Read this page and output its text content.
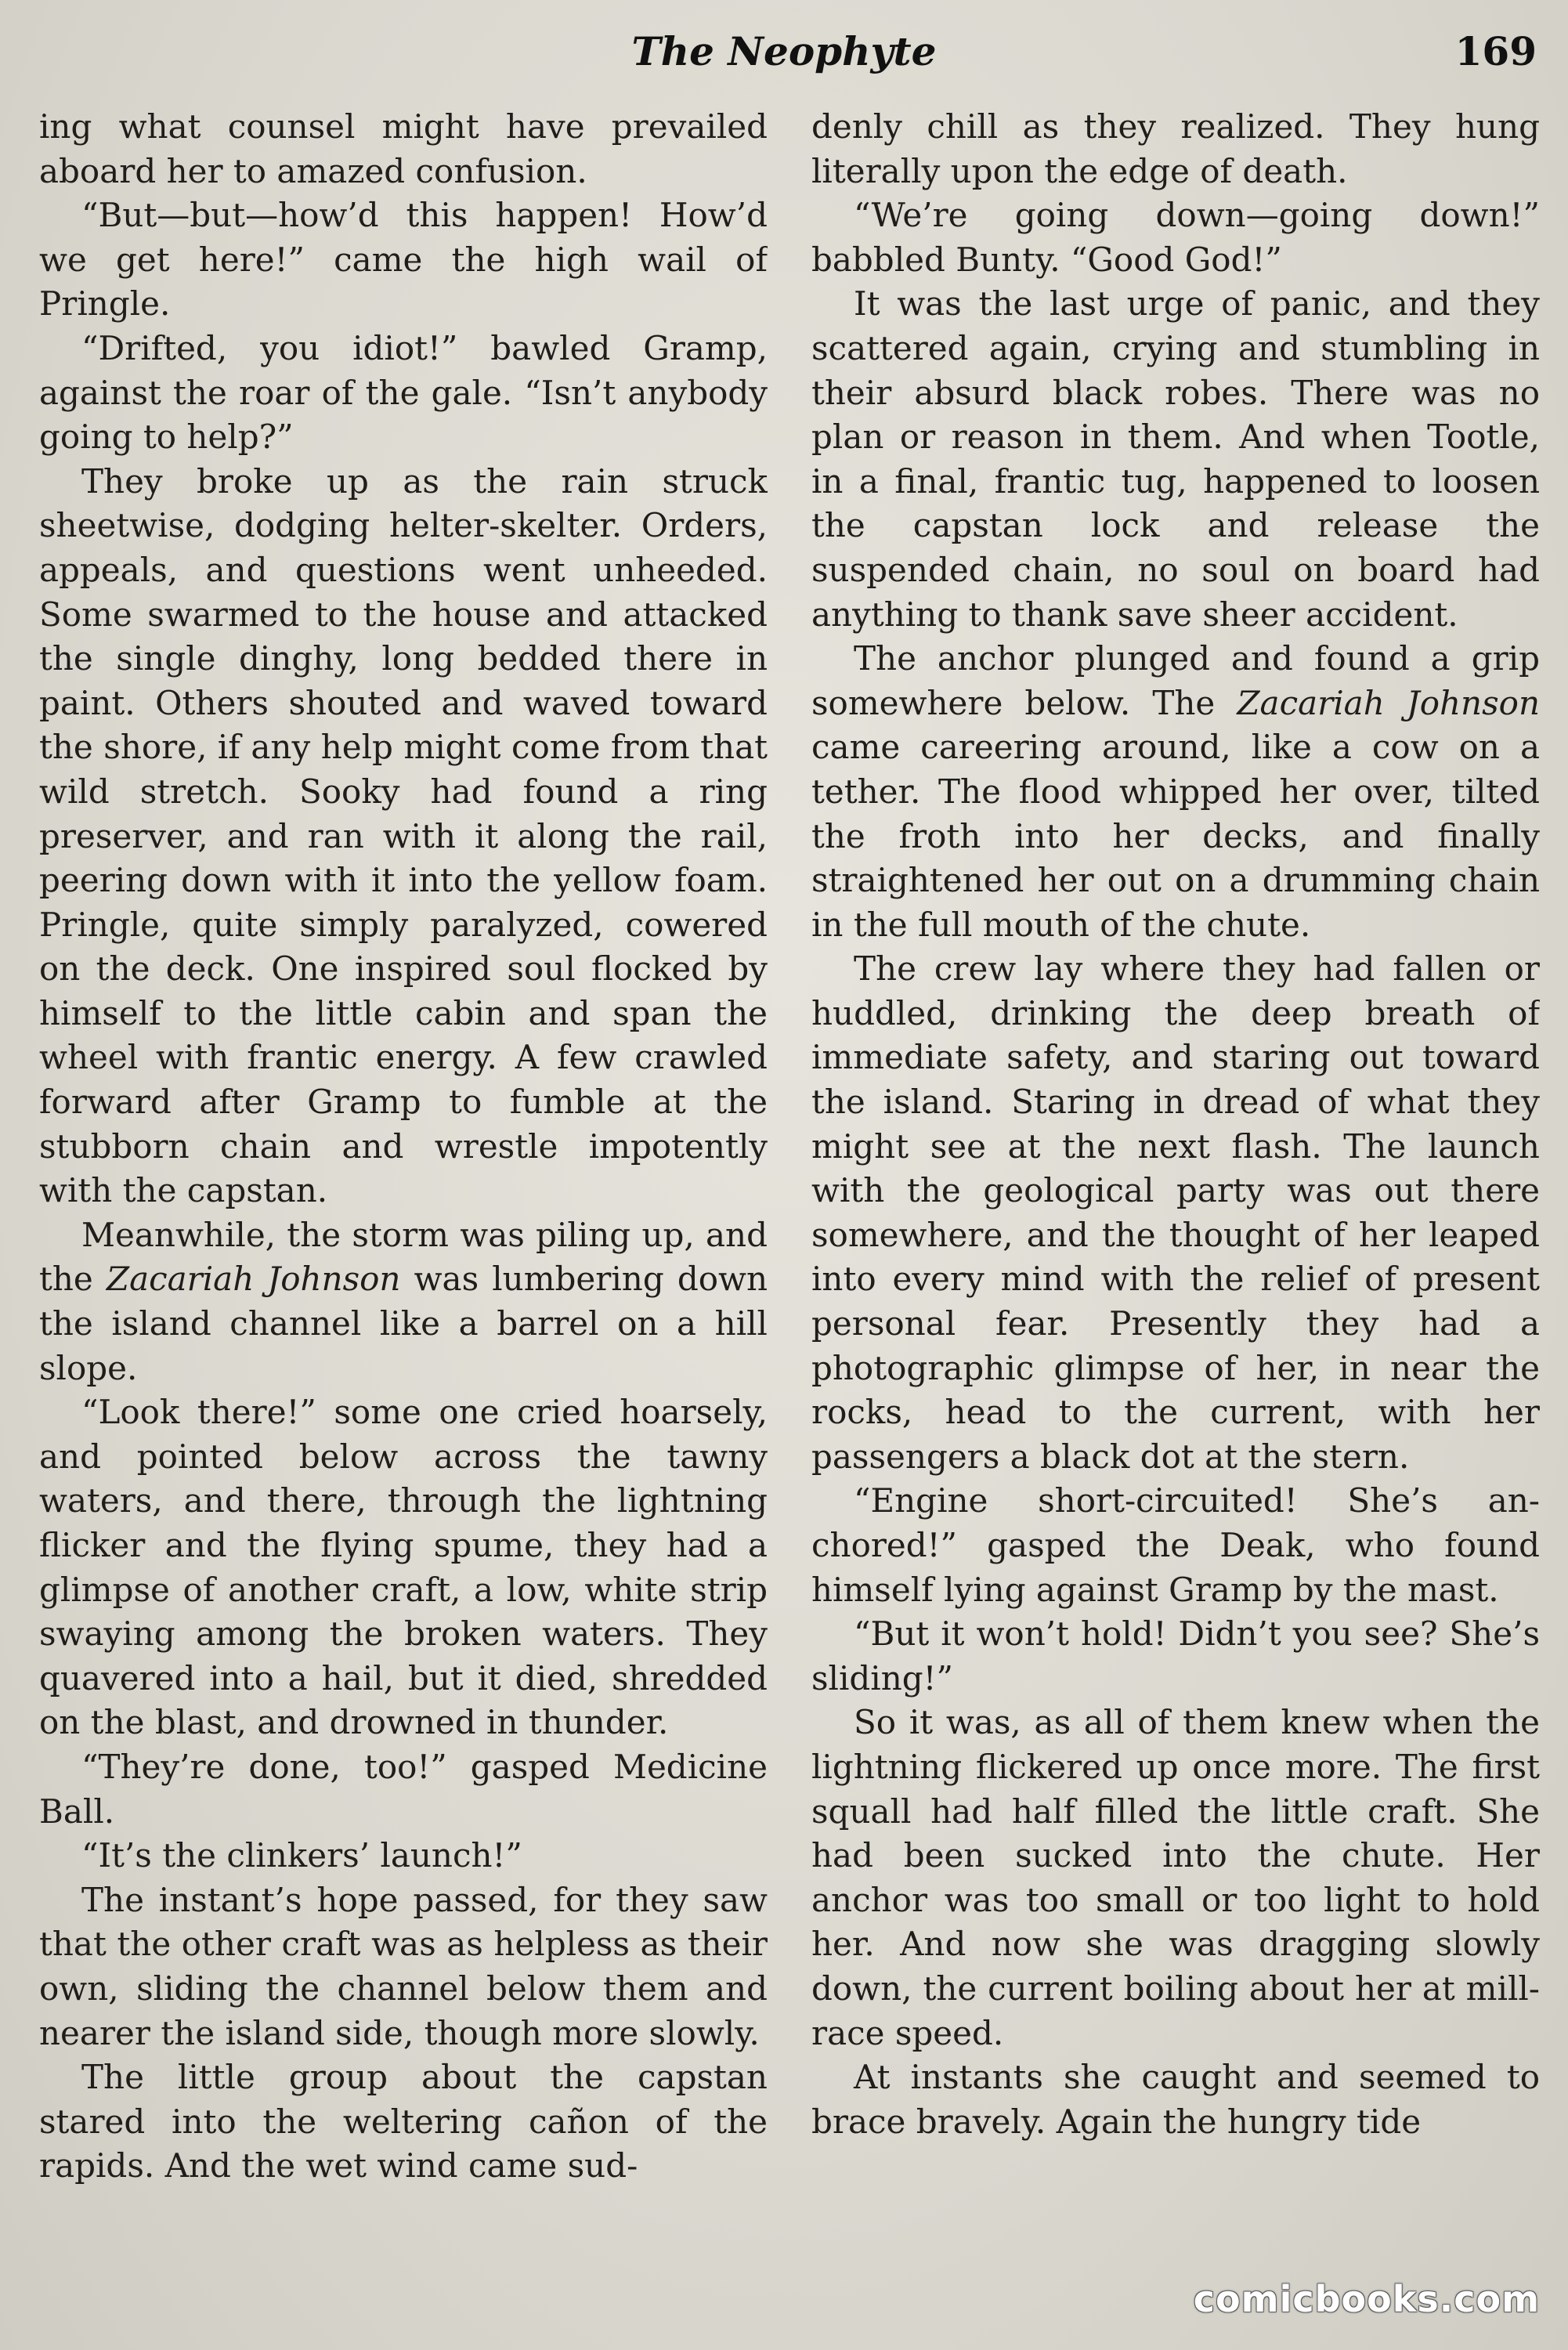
The Neophyte	169

ing what counsel might have prevailed aboard her to amazed confusion.

“But—but—how’d this happen! How’d we get here!” came the high wail of Pringle.

“Drifted, you idiot!” bawled Gramp, against the roar of the gale. “Isn’t anybody going to help?”

They broke up as the rain struck sheetwise, dodging helter-skelter. Orders, appeals, and questions went unheeded. Some swarmed to the house and attacked the single dinghy, long bedded there in paint. Others shouted and waved toward the shore, if any help might come from that wild stretch. Sooky had found a ring preserver, and ran with it along the rail, peering down with it into the yellow foam. Pringle, quite simply paralyzed, cowered on the deck. One inspired soul flocked by himself to the little cabin and span the wheel with frantic energy. A few crawled forward after Gramp to fumble at the stubborn chain and wrestle impotently with the capstan.

Meanwhile, the storm was piling up, and the Zacariah Johnson was lumbering down the island channel like a barrel on a hill slope.

“Look there!” some one cried hoarsely, and pointed below across the tawny waters, and there, through the lightning flicker and the flying spume, they had a glimpse of another craft, a low, white strip swaying among the broken waters. They quavered into a hail, but it died, shredded on the blast, and drowned in thunder.

“They’re done, too!” gasped Medicine Ball.

“It’s the clinkers’ launch!”

The instant’s hope passed, for they saw that the other craft was as helpless as their own, sliding the channel below them and nearer the island side, though more slowly.

The little group about the capstan stared into the weltering cañon of the rapids. And the wet wind came sud-

denly chill as they realized. They hung literally upon the edge of death.

“We’re going down—going down!” babbled Bunty. “Good God!”

It was the last urge of panic, and they scattered again, crying and stumbling in their absurd black robes. There was no plan or reason in them. And when Tootle, in a final, frantic tug, happened to loosen the capstan lock and release the suspended chain, no soul on board had anything to thank save sheer accident.

The anchor plunged and found a grip somewhere below. The Zacariah Johnson came careering around, like a cow on a tether. The flood whipped her over, tilted the froth into her decks, and finally straightened her out on a drumming chain in the full mouth of the chute.

The crew lay where they had fallen or huddled, drinking the deep breath of immediate safety, and staring out toward the island. Staring in dread of what they might see at the next flash. The launch with the geological party was out there somewhere, and the thought of her leaped into every mind with the relief of present personal fear. Presently they had a photographic glimpse of her, in near the rocks, head to the current, with her passengers a black dot at the stern.

“Engine short-circuited! She’s anchored!” gasped the Deak, who found himself lying against Gramp by the mast.

“But it won’t hold! Didn’t you see? She’s sliding!”

So it was, as all of them knew when the lightning flickered up once more. The first squall had half filled the little craft. She had been sucked into the chute. Her anchor was too small or too light to hold her. And now she was dragging slowly down, the current boiling about her at mill-race speed.

At instants she caught and seemed to brace bravely. Again the hungry tide

comicbooks.com
